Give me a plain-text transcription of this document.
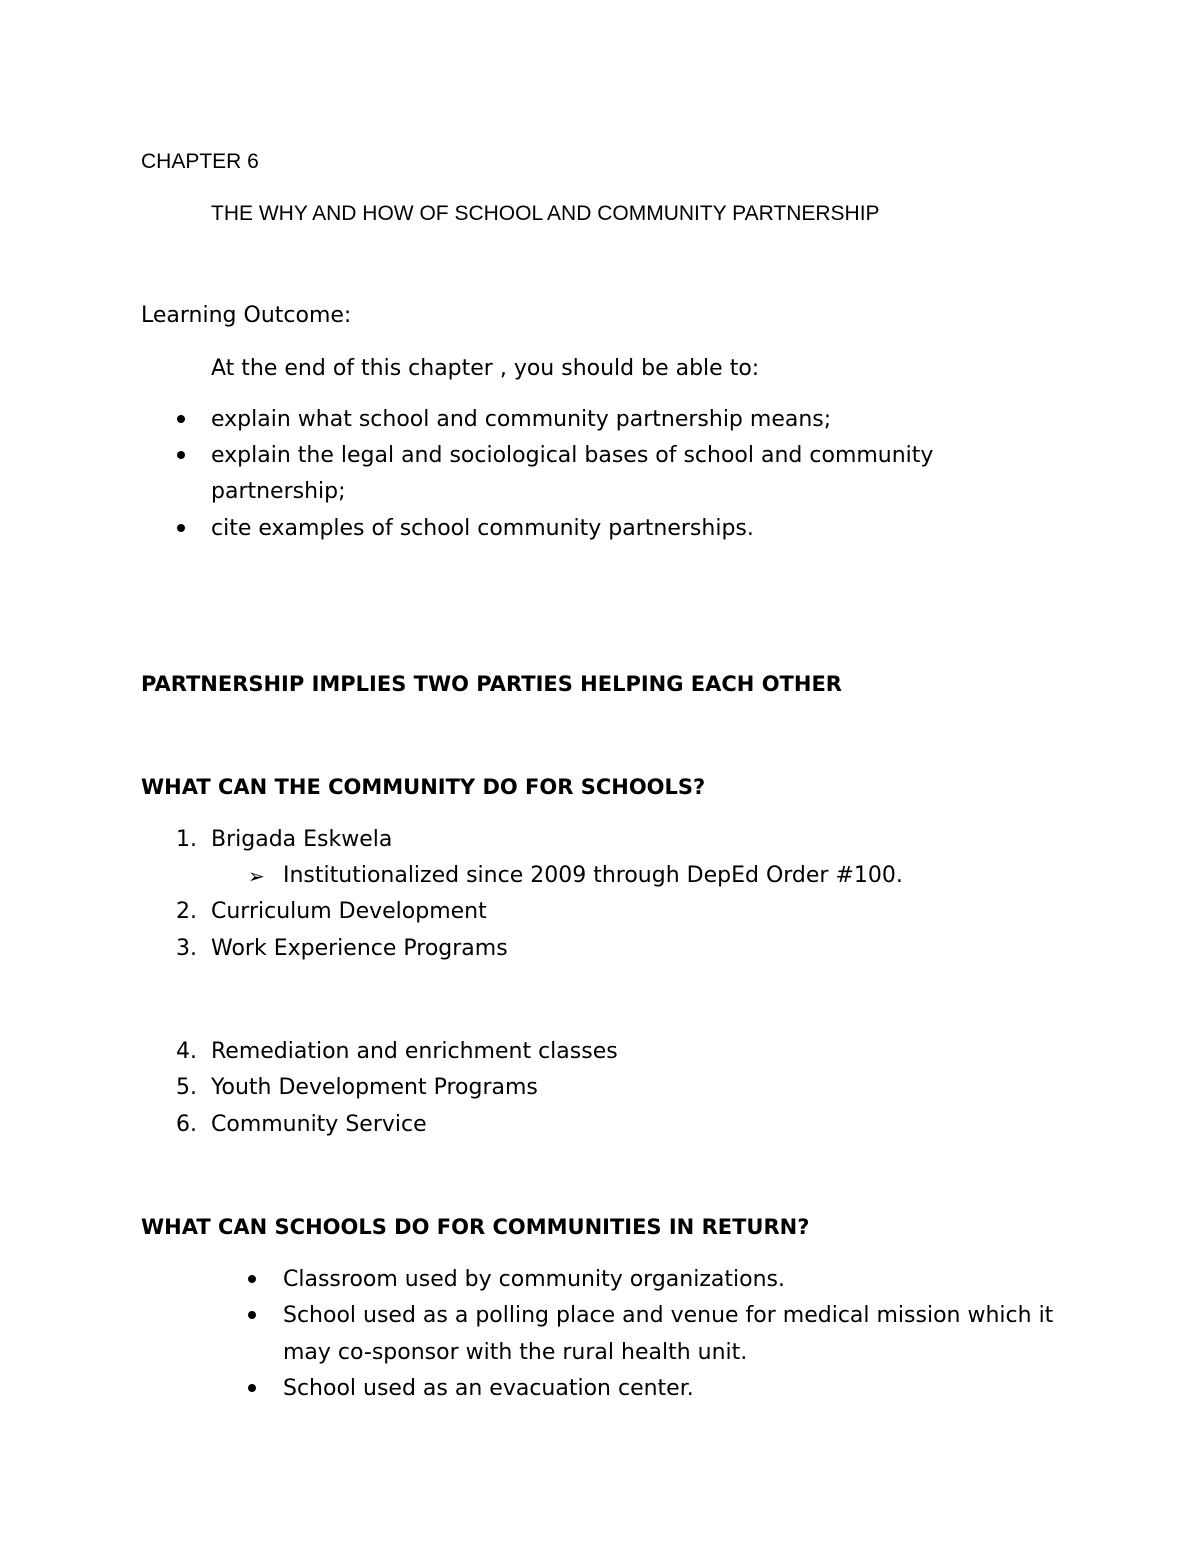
CHAPTER 6
THE WHY AND HOW OF SCHOOL AND COMMUNITY PARTNERSHIP
Learning Outcome:
At the end of this chapter , you should be able to:
explain what school and community partnership means;
explain the legal and sociological bases of school and community
partnership;
cite examples of school community partnerships.
PARTNERSHIP IMPLIES TWO PARTIES HELPING EACH OTHER
WHAT CAN THE COMMUNITY DO FOR SCHOOLS?
1. Brigada Eskwela
➢ Institutionalized since 2009 through DepEd Order #100.
2. Curriculum Development
3. Work Experience Programs
4. Remediation and enrichment classes
5. Youth Development Programs
6. Community Service
WHAT CAN SCHOOLS DO FOR COMMUNITIES IN RETURN?
Classroom used by community organizations.
School used as a polling place and venue for medical mission which it
may co-sponsor with the rural health unit.
School used as an evacuation center.
